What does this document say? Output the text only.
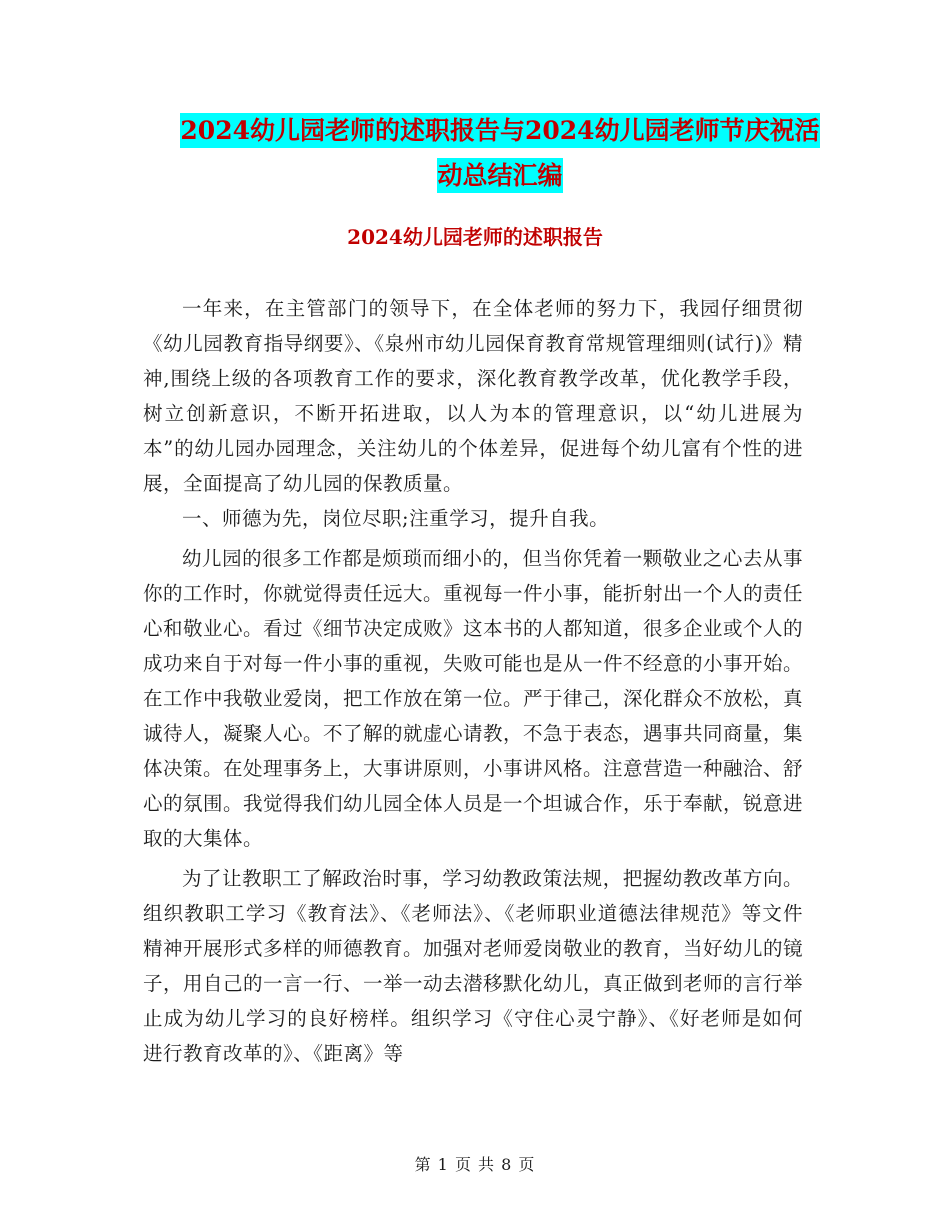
2024幼儿园老师的述职报告与2024幼儿园老师节庆祝活动总结汇编
2024幼儿园老师的述职报告

一年来，在主管部门的领导下，在全体老师的努力下，我园仔细贯彻《幼儿园教育指导纲要》、《泉州市幼儿园保育教育常规管理细则(试行)》精神,围绕上级的各项教育工作的要求，深化教育教学改革，优化教学手段，树立创新意识，不断开拓进取，以人为本的管理意识，以“幼儿进展为本”的幼儿园办园理念，关注幼儿的个体差异，促进每个幼儿富有个性的进展，全面提高了幼儿园的保教质量。

一、师德为先，岗位尽职;注重学习，提升自我。

幼儿园的很多工作都是烦琐而细小的，但当你凭着一颗敬业之心去从事你的工作时，你就觉得责任远大。重视每一件小事，能折射出一个人的责任心和敬业心。看过《细节决定成败》这本书的人都知道，很多企业或个人的成功来自于对每一件小事的重视，失败可能也是从一件不经意的小事开始。在工作中我敬业爱岗，把工作放在第一位。严于律己，深化群众不放松，真诚待人，凝聚人心。不了解的就虚心请教，不急于表态，遇事共同商量，集体决策。在处理事务上，大事讲原则，小事讲风格。注意营造一种融洽、舒心的氛围。我觉得我们幼儿园全体人员是一个坦诚合作，乐于奉献，锐意进取的大集体。

为了让教职工了解政治时事，学习幼教政策法规，把握幼教改革方向。组织教职工学习《教育法》、《老师法》、《老师职业道德法律规范》等文件精神开展形式多样的师德教育。加强对老师爱岗敬业的教育，当好幼儿的镜子，用自己的一言一行、一举一动去潜移默化幼儿，真正做到老师的言行举止成为幼儿学习的良好榜样。组织学习《守住心灵宁静》、《好老师是如何进行教育改革的》、《距离》等

第 1 页 共 8 页
